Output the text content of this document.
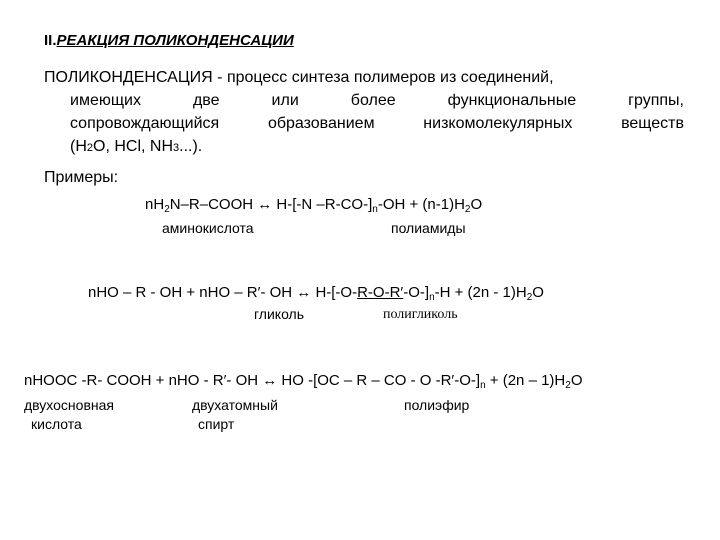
II.РЕАКЦИЯ ПОЛИКОНДЕНСАЦИИ
ПОЛИКОНДЕНСАЦИЯ - процесс синтеза полимеров из соединений,
имеющих две или более функциональные группы,
сопровождающийся образованием низкомолекулярных веществ
(Н2О, HCl, NH3...).
Примеры:
$nH_2N-R$–COOH ↔ H-[-N $-R-CO-]_n-OH + (n-1)H_2O$
аминокислота	полиамиды
nHO – R - OH + nHO – R′- OH ↔ $H-[-O-R-O-R'-O-]_n-H + (2n - 1)H_2O$
гликоль	полигликоль
nHOOC -R- COOH + nHO - R′- OH ↔ HO -[OC – R – CO - O $-R'-O-]_n + (2n - 1)H_2O$
двухосновная
кислота
двухатомный
спирт
полиэфир
